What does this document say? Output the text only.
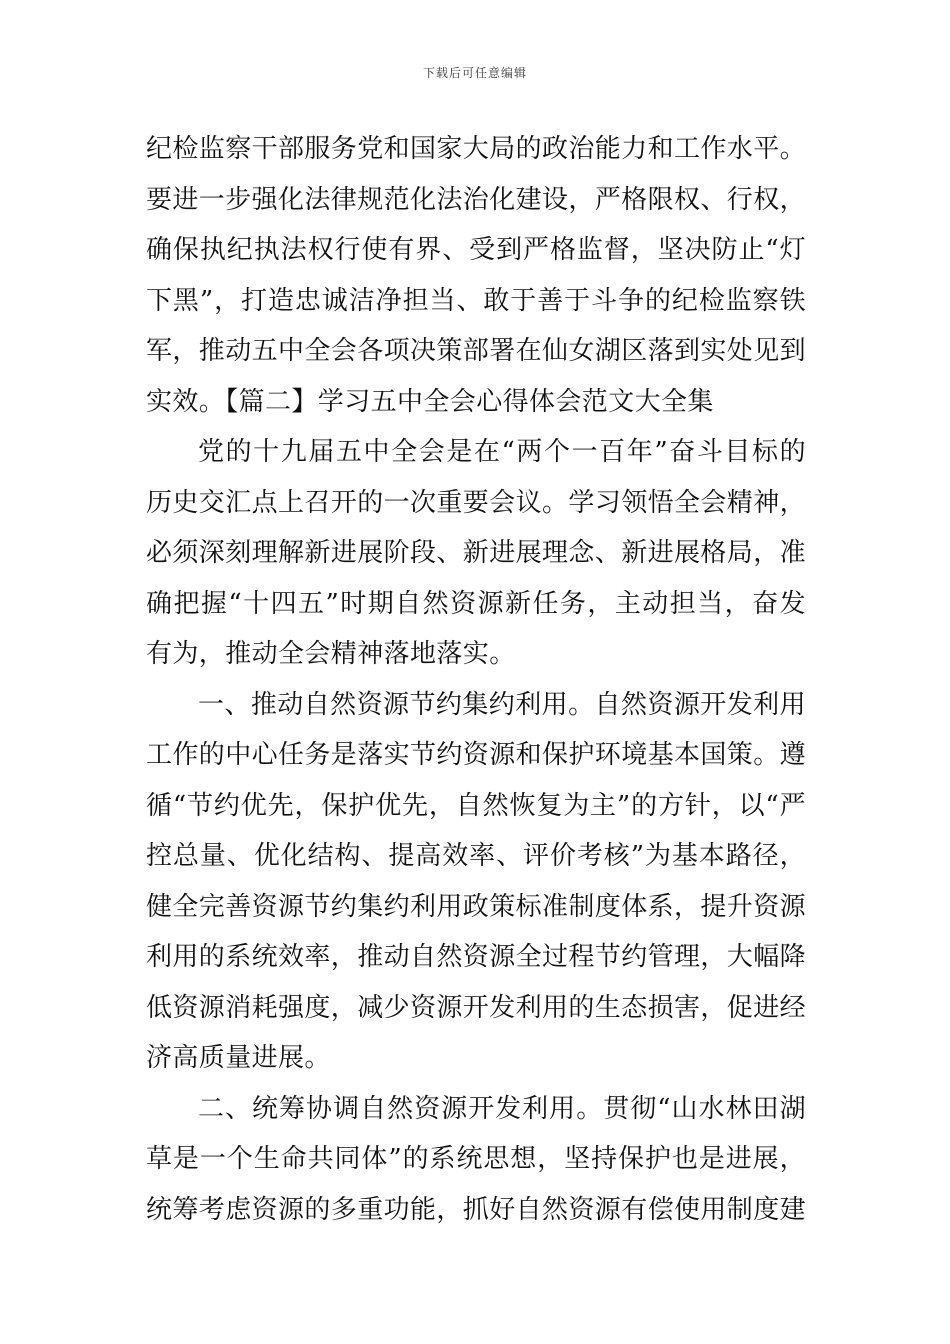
下载后可任意编辑

纪检监察干部服务党和国家大局的政治能力和工作水平。要进一步强化法律规范化法治化建设，严格限权、行权，确保执纪执法权行使有界、受到严格监督，坚决防止“灯下黑”，打造忠诚洁净担当、敢于善于斗争的纪检监察铁军，推动五中全会各项决策部署在仙女湖区落到实处见到实效。【篇二】学习五中全会心得体会范文大全集

党的十九届五中全会是在“两个一百年”奋斗目标的历史交汇点上召开的一次重要会议。学习领悟全会精神，必须深刻理解新进展阶段、新进展理念、新进展格局，准确把握“十四五”时期自然资源新任务，主动担当，奋发有为，推动全会精神落地落实。

一、推动自然资源节约集约利用。自然资源开发利用工作的中心任务是落实节约资源和保护环境基本国策。遵循“节约优先，保护优先，自然恢复为主”的方针，以“严控总量、优化结构、提高效率、评价考核”为基本路径，健全完善资源节约集约利用政策标准制度体系，提升资源利用的系统效率，推动自然资源全过程节约管理，大幅降低资源消耗强度，减少资源开发利用的生态损害，促进经济高质量进展。

二、统筹协调自然资源开发利用。贯彻“山水林田湖草是一个生命共同体”的系统思想，坚持保护也是进展，统筹考虑资源的多重功能，抓好自然资源有偿使用制度建
